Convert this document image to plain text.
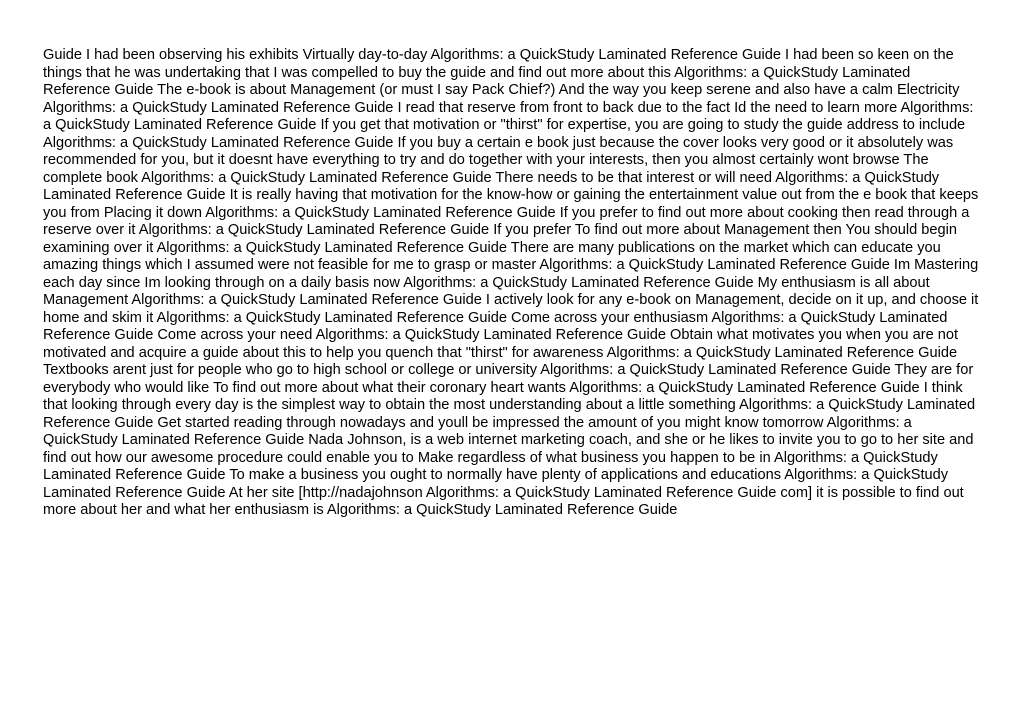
Guide I had been observing his exhibits Virtually day-to-day Algorithms: a QuickStudy Laminated Reference Guide I had been so keen on the things that he was undertaking that I was compelled to buy the guide and find out more about this Algorithms: a QuickStudy Laminated Reference Guide The e-book is about Management (or must I say Pack Chief?) And the way you keep serene and also have a calm Electricity Algorithms: a QuickStudy Laminated Reference Guide I read that reserve from front to back due to the fact Id the need to learn more Algorithms: a QuickStudy Laminated Reference Guide If you get that motivation or "thirst" for expertise, you are going to study the guide address to include Algorithms: a QuickStudy Laminated Reference Guide If you buy a certain e book just because the cover looks very good or it absolutely was recommended for you, but it doesnt have everything to try and do together with your interests, then you almost certainly wont browse The complete book Algorithms: a QuickStudy Laminated Reference Guide There needs to be that interest or will need Algorithms: a QuickStudy Laminated Reference Guide It is really having that motivation for the know-how or gaining the entertainment value out from the e book that keeps you from Placing it down Algorithms: a QuickStudy Laminated Reference Guide If you prefer to find out more about cooking then read through a reserve over it Algorithms: a QuickStudy Laminated Reference Guide If you prefer To find out more about Management then You should begin examining over it Algorithms: a QuickStudy Laminated Reference Guide There are many publications on the market which can educate you amazing things which I assumed were not feasible for me to grasp or master Algorithms: a QuickStudy Laminated Reference Guide Im Mastering each day since Im looking through on a daily basis now Algorithms: a QuickStudy Laminated Reference Guide My enthusiasm is all about Management Algorithms: a QuickStudy Laminated Reference Guide I actively look for any e-book on Management, decide on it up, and choose it home and skim it Algorithms: a QuickStudy Laminated Reference Guide Come across your enthusiasm Algorithms: a QuickStudy Laminated Reference Guide Come across your need Algorithms: a QuickStudy Laminated Reference Guide Obtain what motivates you when you are not motivated and acquire a guide about this to help you quench that "thirst" for awareness Algorithms: a QuickStudy Laminated Reference Guide Textbooks arent just for people who go to high school or college or university Algorithms: a QuickStudy Laminated Reference Guide They are for everybody who would like To find out more about what their coronary heart wants Algorithms: a QuickStudy Laminated Reference Guide I think that looking through every day is the simplest way to obtain the most understanding about a little something Algorithms: a QuickStudy Laminated Reference Guide Get started reading through nowadays and youll be impressed the amount of you might know tomorrow Algorithms: a QuickStudy Laminated Reference Guide Nada Johnson, is a web internet marketing coach, and she or he likes to invite you to go to her site and find out how our awesome procedure could enable you to Make regardless of what business you happen to be in Algorithms: a QuickStudy Laminated Reference Guide To make a business you ought to normally have plenty of applications and educations Algorithms: a QuickStudy Laminated Reference Guide At her site [http://nadajohnson Algorithms: a QuickStudy Laminated Reference Guide com] it is possible to find out more about her and what her enthusiasm is Algorithms: a QuickStudy Laminated Reference Guide
